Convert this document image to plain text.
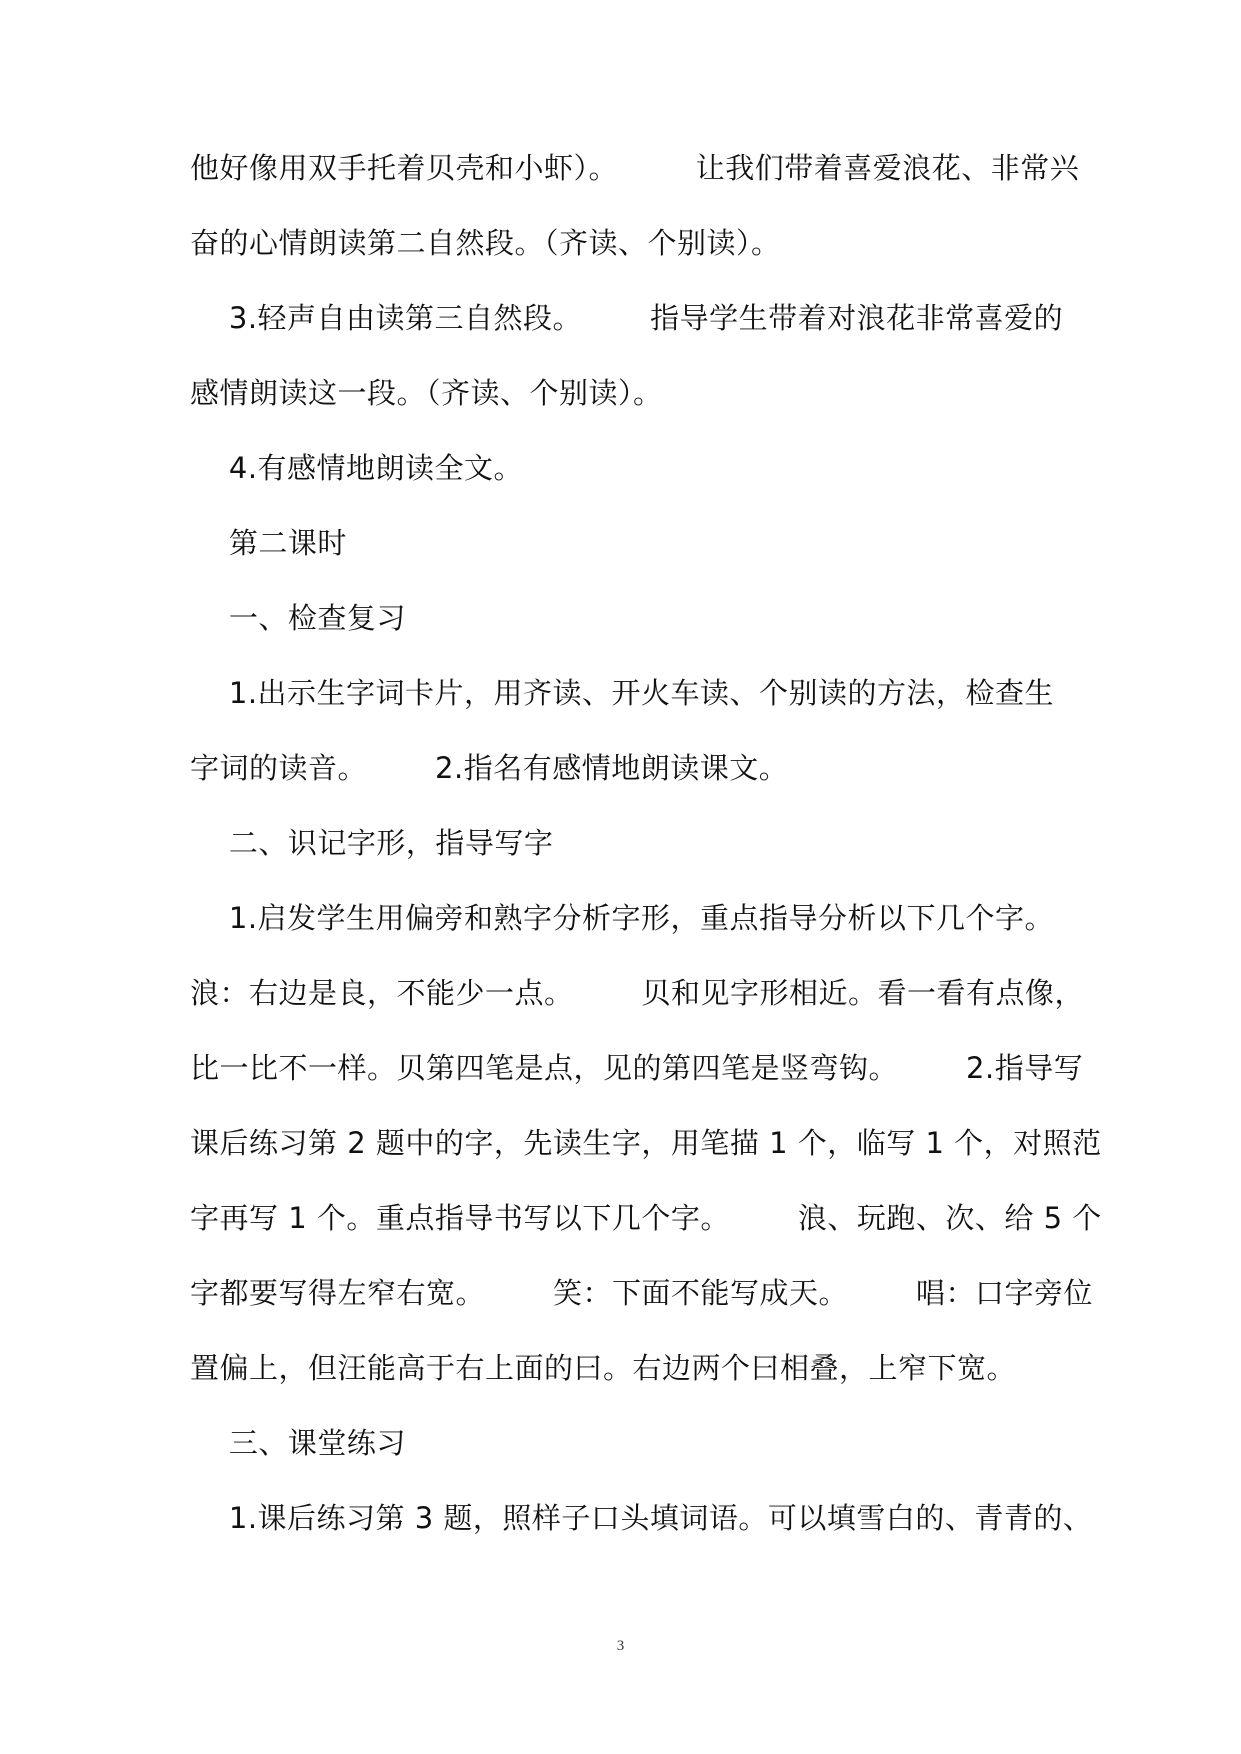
他好像用双手托着贝壳和小虾）。        让我们带着喜爱浪花、非常兴
奋的心情朗读第二自然段。（齐读、个别读）。
3.轻声自由读第三自然段。       指导学生带着对浪花非常喜爱的
感情朗读这一段。（齐读、个别读）。
4.有感情地朗读全文。
第二课时
一、检查复习
1.出示生字词卡片，用齐读、开火车读、个别读的方法，检查生
字词的读音。       2.指名有感情地朗读课文。
二、识记字形，指导写字
1.启发学生用偏旁和熟字分析字形，重点指导分析以下几个字。
浪：右边是良，不能少一点。       贝和见字形相近。看一看有点像，
比一比不一样。贝第四笔是点，见的第四笔是竖弯钩。       2.指导写
课后练习第 2 题中的字，先读生字，用笔描 1 个，临写 1 个，对照范
字再写 1 个。重点指导书写以下几个字。       浪、玩跑、次、给 5 个
字都要写得左窄右宽。       笑：下面不能写成天。       唱：口字旁位
置偏上，但汪能高于右上面的曰。右边两个曰相叠，上窄下宽。
三、课堂练习
1.课后练习第 3 题，照样子口头填词语。可以填雪白的、青青的、
3
